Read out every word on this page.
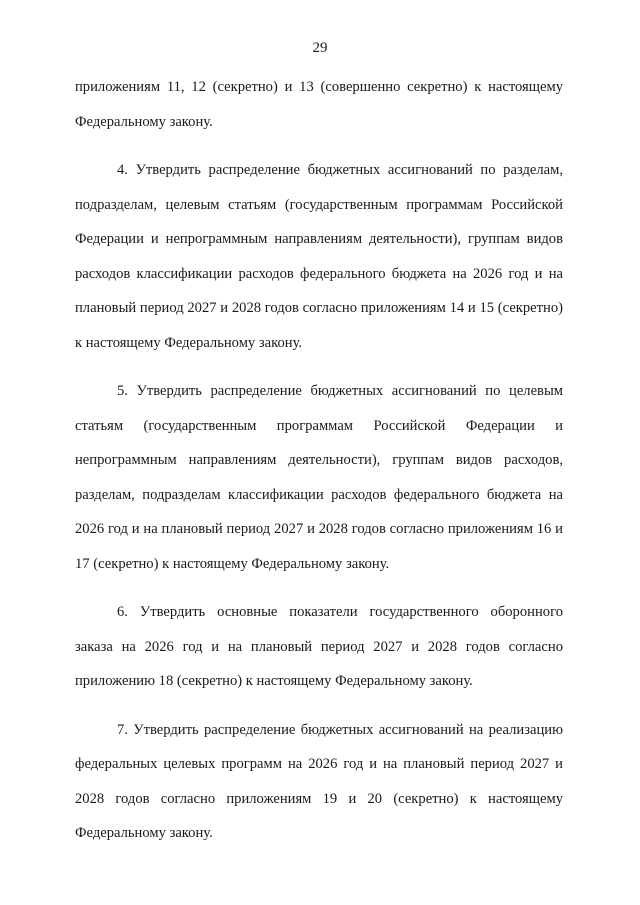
29

приложениям 11, 12 (секретно) и 13 (совершенно секретно) к настоящему Федеральному закону.

4. Утвердить распределение бюджетных ассигнований по разделам, подразделам, целевым статьям (государственным программам Российской Федерации и непрограммным направлениям деятельности), группам видов расходов классификации расходов федерального бюджета на 2026 год и на плановый период 2027 и 2028 годов согласно приложениям 14 и 15 (секретно) к настоящему Федеральному закону.

5. Утвердить распределение бюджетных ассигнований по целевым статьям (государственным программам Российской Федерации и непрограммным направлениям деятельности), группам видов расходов, разделам, подразделам классификации расходов федерального бюджета на 2026 год и на плановый период 2027 и 2028 годов согласно приложениям 16 и 17 (секретно) к настоящему Федеральному закону.

6. Утвердить основные показатели государственного оборонного заказа на 2026 год и на плановый период 2027 и 2028 годов согласно приложению 18 (секретно) к настоящему Федеральному закону.

7. Утвердить распределение бюджетных ассигнований на реализацию федеральных целевых программ на 2026 год и на плановый период 2027 и 2028 годов согласно приложениям 19 и 20 (секретно) к настоящему Федеральному закону.
